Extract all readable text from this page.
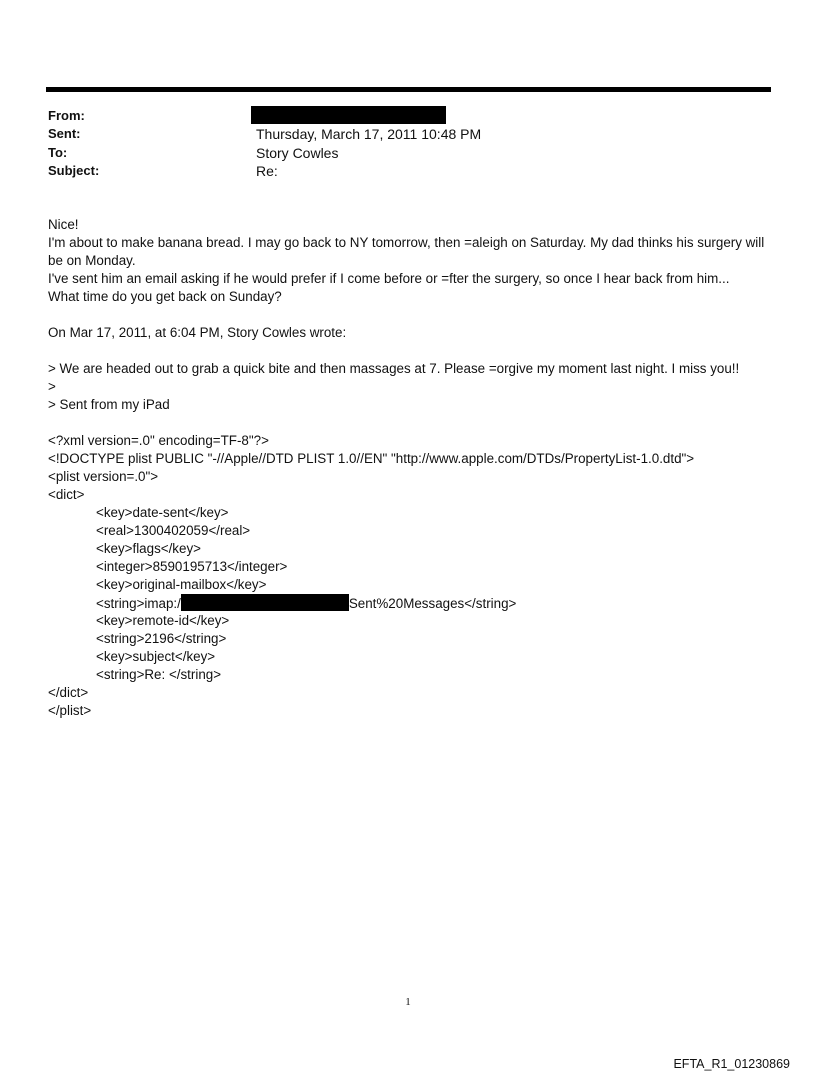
From:
Sent:	Thursday, March 17, 2011 10:48 PM
To:	Story Cowles
Subject:	Re:
Nice!
I'm about to make banana bread. I may go back to NY tomorrow, then =aleigh on Saturday. My dad thinks his surgery will be on Monday.
I've sent him an email asking if he would prefer if I come before or =fter the surgery, so once I hear back from him...
What time do you get back on Sunday?
On Mar 17, 2011, at 6:04 PM, Story Cowles wrote:
> We are headed out to grab a quick bite and then massages at 7. Please =orgive my moment last night. I miss you!!
>
> Sent from my iPad
<?xml version=.0" encoding=TF-8"?>
<!DOCTYPE plist PUBLIC "-//Apple//DTD PLIST 1.0//EN" "http://www.apple.com/DTDs/PropertyList-1.0.dtd">
<plist version=.0">
<dict>
<key>date-sent</key>
<real>1300402059</real>
<key>flags</key>
<integer>8590195713</integer>
<key>original-mailbox</key>
<string>imap:/	Sent%20Messages</string>
<key>remote-id</key>
<string>2196</string>
<key>subject</key>
<string>Re: </string>
</dict>
</plist>
1
EFTA_R1_01230869
